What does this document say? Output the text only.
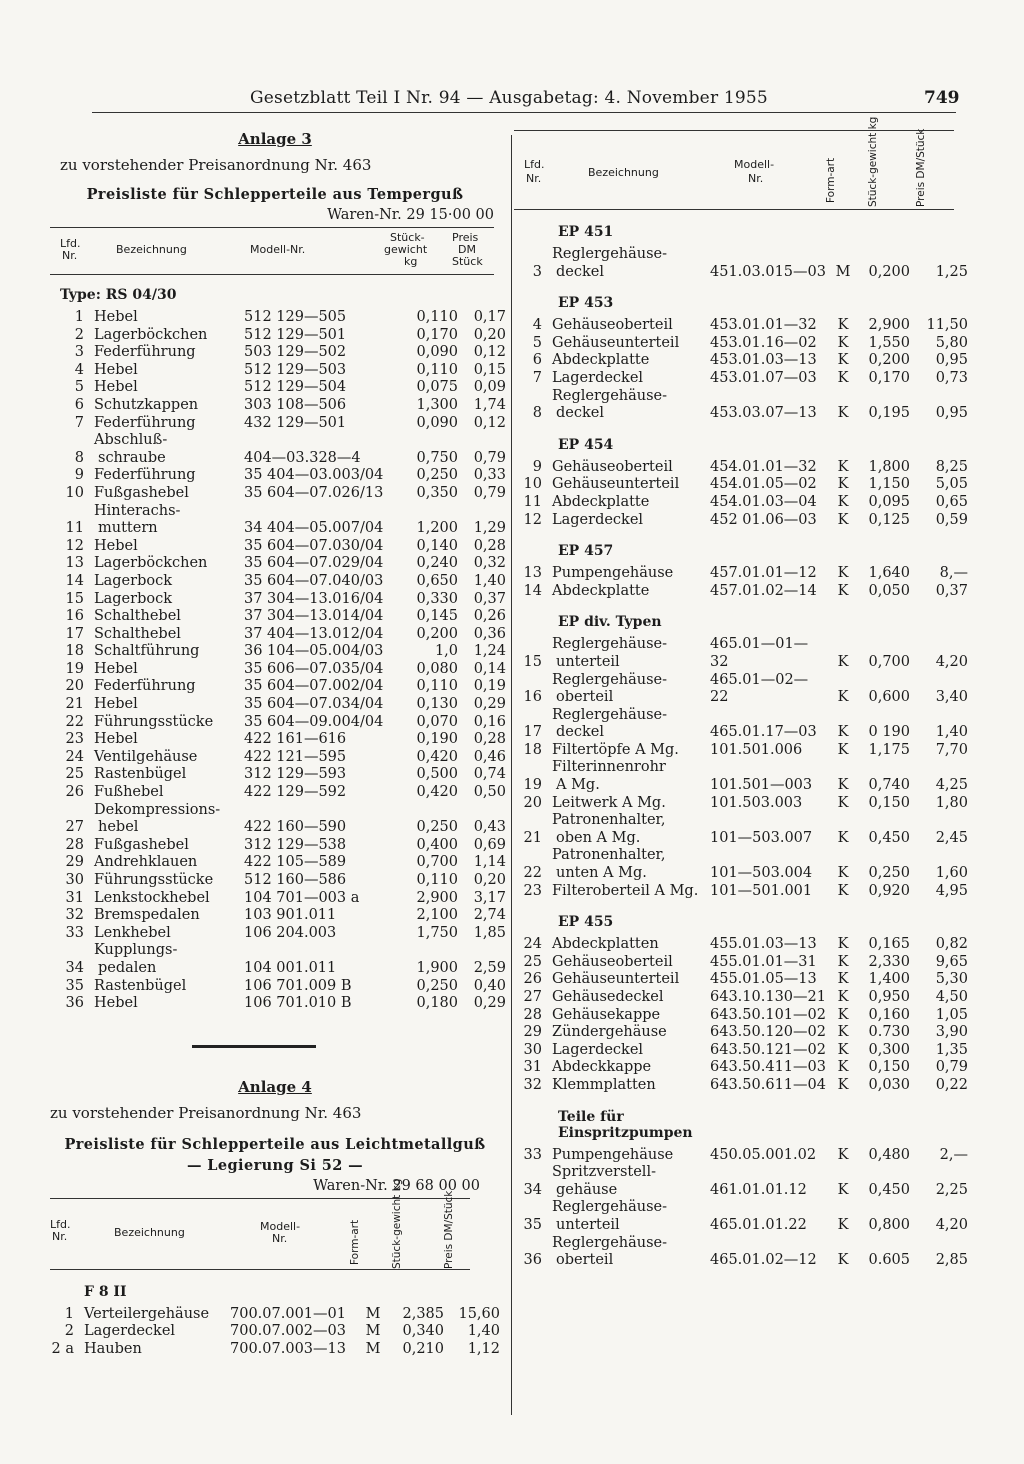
Gesetzblatt Teil I Nr. 94 — Ausgabetag: 4. November 1955	749
Anlage 3
zu vorstehender Preisanordnung Nr. 463
Preisliste für Schlepperteile aus Temperguß
Waren-Nr. 29 15·00 00
Lfd.
Nr.	Bezeichnung	Modell-Nr.
Stück-
gewicht
kg
Preis
DM
Stück
Type: RS 04/30
1 Hebel	512 129—505	0,110	0,17
2 Lagerböckchen	512 129—501	0,170	0,20
3 Federführung	503 129—502	0,090	0,12
4 Hebel	512 129—503	0,110	0,15
5 Hebel	512 129—504	0,075	0,09
6 Schutzkappen	303 108—506	1,300	1,74
7 Federführung	432 129—501	0,090	0,12
8
Abschluß-
schraube	404—03.328—4	0,750	0,79
9 Federführung	35 404—03.003/04	0,250	0,33
10 Fußgashebel	35 604—07.026/13	0,350	0,79
11
Hinterachs-
muttern	34 404—05.007/04	1,200	1,29
12 Hebel	35 604—07.030/04	0,140	0,28
13 Lagerböckchen	35 604—07.029/04	0,240	0,32
14 Lagerbock	35 604—07.040/03	0,650	1,40
15 Lagerbock	37 304—13.016/04	0,330	0,37
16 Schalthebel	37 304—13.014/04	0,145	0,26
17 Schalthebel	37 404—13.012/04	0,200	0,36
18 Schaltführung	36 104—05.004/03	1,0	1,24
19 Hebel	35 606—07.035/04	0,080	0,14
20 Federführung	35 604—07.002/04	0,110	0,19
21 Hebel	35 604—07.034/04	0,130	0,29
22 Führungsstücke	35 604—09.004/04	0,070	0,16
23 Hebel	422 161—616	0,190	0,28
24 Ventilgehäuse	422 121—595	0,420	0,46
25 Rastenbügel	312 129—593	0,500	0,74
26 Fußhebel	422 129—592	0,420	0,50
27
Dekompressions-
hebel	422 160—590	0,250	0,43
28 Fußgashebel	312 129—538	0,400	0,69
29 Andrehklauen	422 105—589	0,700	1,14
30 Führungsstücke	512 160—586	0,110	0,20
31 Lenkstockhebel	104 701—003 a	2,900	3,17
32 Bremspedalen	103 901.011	2,100	2,74
33 Lenkhebel	106 204.003	1,750	1,85
34
Kupplungs-
pedalen	104 001.011	1,900	2,59
35 Rastenbügel	106 701.009 B	0,250	0,40
36 Hebel	106 701.010 B	0,180	0,29
Anlage 4
zu vorstehender Preisanordnung Nr. 463
Preisliste für Schlepperteile aus Leichtmetallguß
— Legierung Si 52 —
Waren-Nr. 29 68 00 00
Lfd.
Nr.	Bezeichnung	Modell-
Nr.	Form-art	Stück-gewicht kg	Preis DM/Stück
F 8 II
1 Verteilergehäuse	700.07.001—01	M	2,385 15,60
2 Lagerdeckel	700.07.002—03	M	0,340	1,40
2 a Hauben	700.07.003—13	M	0,210	1,12
Lfd.
Nr.	Bezeichnung
Modell-
Nr.	Form-art	Stück-gewicht kg	Preis DM/Stück
EP 451
3
Reglergehäuse-
deckel	451.03.015—03 M	0,200	1,25
EP 453
4 Gehäuseoberteil	453.01.01—32	K	2,900	11,50
5 Gehäuseunterteil	453.01.16—02	K	1,550	5,80
6 Abdeckplatte	453.01.03—13	K	0,200	0,95
7 Lagerdeckel	453.01.07—03	K	0,170	0,73
8
Reglergehäuse-
deckel	453.03.07—13	K	0,195	0,95
EP 454
9 Gehäuseoberteil	454.01.01—32	K	1,800	8,25
10 Gehäuseunterteil	454.01.05—02	K	1,150	5,05
11 Abdeckplatte	454.01.03—04	K	0,095	0,65
12 Lagerdeckel	452 01.06—03	K	0,125	0,59
EP 457
13 Pumpengehäuse	457.01.01—12	K	1,640	8,—
14 Abdeckplatte	457.01.02—14	K	0,050	0,37
EP div. Typen
15
Reglergehäuse-
unterteil
465.01—01—32	K	0,700	4,20
16
Reglergehäuse-
oberteil
465.01—02—22	K	0,600	3,40
17
Reglergehäuse-
deckel	465.01.17—03	K	0 190	1,40
18 Filtertöpfe A Mg.	101.501.006	K	1,175	7,70
19
Filterinnenrohr
A Mg.	101.501—003	K	0,740	4,25
20 Leitwerk A Mg.	101.503.003	K	0,150	1,80
21
Patronenhalter,
oben A Mg.	101—503.007	K	0,450	2,45
22
Patronenhalter,
unten A Mg.	101—503.004	K	0,250	1,60
23 Filteroberteil A Mg. 101—501.001	K	0,920	4,95
EP 455
24 Abdeckplatten	455.01.03—13	K	0,165	0,82
25 Gehäuseoberteil	455.01.01—31	K	2,330	9,65
26 Gehäuseunterteil	455.01.05—13	K	1,400	5,30
27 Gehäusedeckel	643.10.130—21 K	0,950	4,50
28 Gehäusekappe	643.50.101—02 K	0,160	1,05
29 Zündergehäuse	643.50.120—02 K	0.730	3,90
30 Lagerdeckel	643.50.121—02 K	0,300	1,35
31 Abdeckkappe	643.50.411—03 K	0,150	0,79
32 Klemmplatten	643.50.611—04 K	0,030	0,22
Teile für
Einspritzpumpen
33 Pumpengehäuse	450.05.001.02	K	0,480	2,—
34
Spritzverstell-
gehäuse	461.01.01.12	K	0,450	2,25
35
Reglergehäuse-
unterteil	465.01.01.22	K	0,800	4,20
36
Reglergehäuse-
oberteil	465.01.02—12	K	0.605	2,85
